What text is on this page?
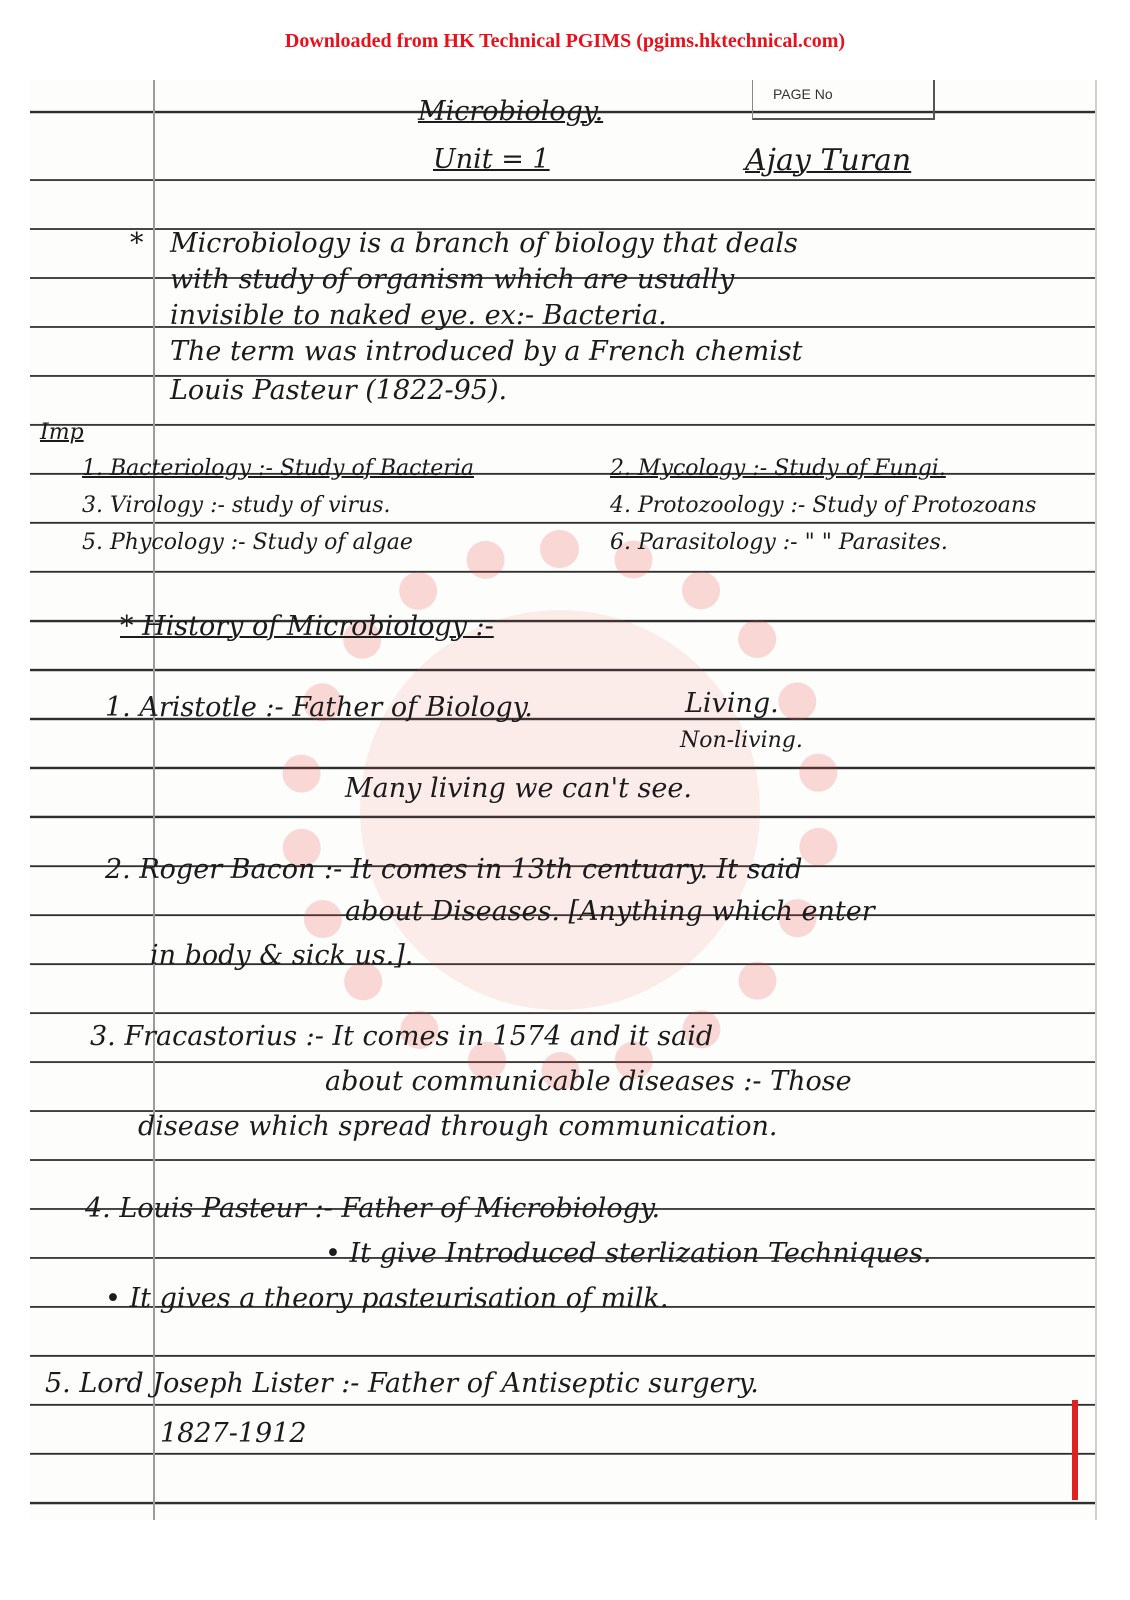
Downloaded from HK Technical PGIMS (pgims.hktechnical.com)
PAGE No
Microbiology.
Unit = 1	Ajay Turan
* Microbiology is a branch of biology that deals
with study of organism which are usually
invisible to naked eye. ex:- Bacteria.
The term was introduced by a French chemist
Louis Pasteur (1822-95).
Imp
1. Bacteriology :- Study of Bacteria	2. Mycology :- Study of Fungi.
3. Virology :- study of virus.	4. Protozoology :- Study of Protozoans
5. Phycology :- Study of algae	6. Parasitology :- " " Parasites.
* History of Microbiology :-
1. Aristotle :- Father of Biology.	Living.
Non-living.
Many living we can't see.
2. Roger Bacon :- It comes in 13th centuary. It said
about Diseases. [Anything which enter
in body & sick us.].
3. Fracastorius :- It comes in 1574 and it said
about communicable diseases :- Those
disease which spread through communication.
4. Louis Pasteur :- Father of Microbiology.
• It give Introduced sterlization Techniques.
• It gives a theory pasteurisation of milk.
5. Lord Joseph Lister :- Father of Antiseptic surgery.
1827-1912
